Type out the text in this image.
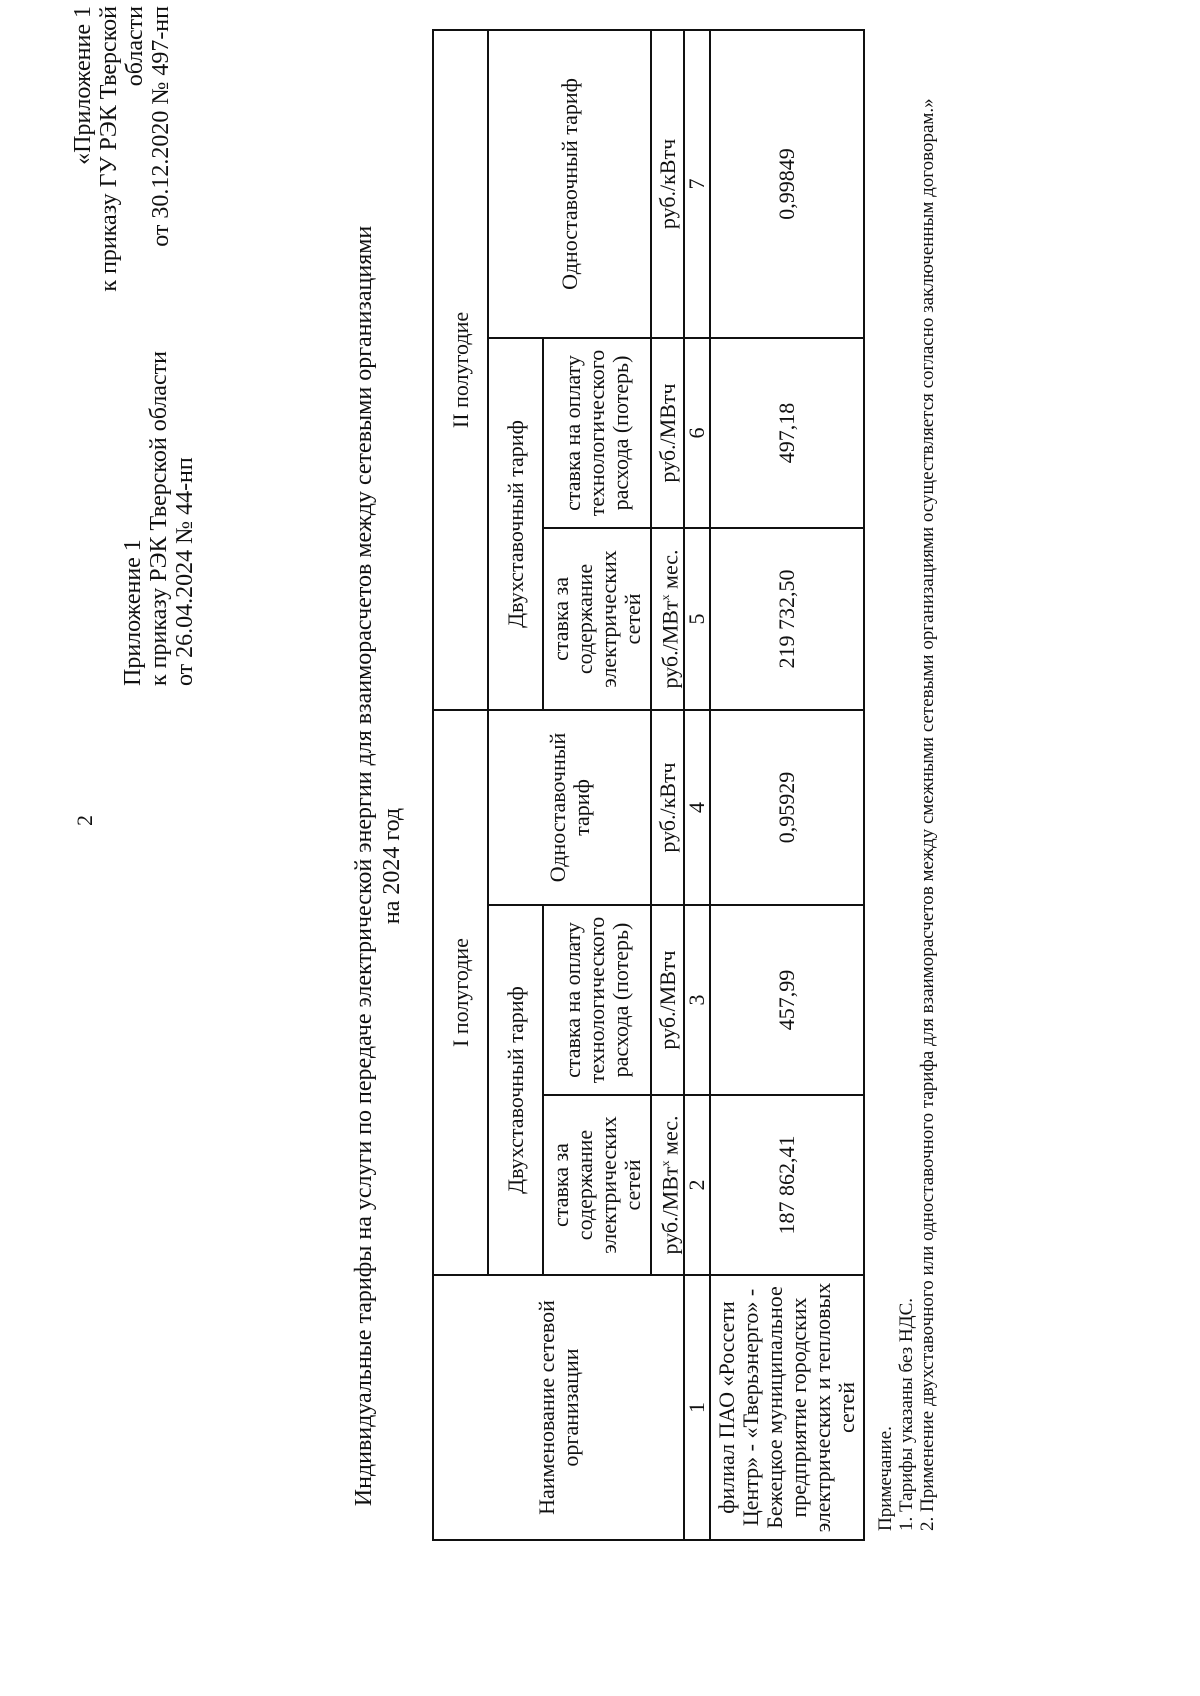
2
Приложение 1 к приказу РЭК Тверской области от 26.04.2024 № 44-нп
«Приложение 1 к приказу ГУ РЭК Тверской области от 30.12.2020 № 497-нп
Индивидуальные тарифы на услуги по передаче электрической энергии для взаиморасчетов между сетевыми организациями на 2024 год
Наименование сетевой организации	I полугодие			II полугодие		
	Двухставочный тариф		Одноставочный тариф	Двухставочный тариф		Одноставочный тариф
	ставка за содержание электрических сетей	ставка на оплату технологического расхода (потерь)		ставка за содержание электрических сетей	ставка на оплату технологического расхода (потерь)	
	руб./МВт$^х$ мес.	руб./МВтч	руб./кВтч	руб./МВт$^х$ мес.	руб./МВтч	руб./кВтч
1	2	3	4	5	6	7
филиал ПАО «Россети Центр» - «Тверьэнерго» - Бежецкое муниципальное предприятие городских электрических и тепловых сетей	187 862,41	457,99	0,95929	219 732,50	497,18	0,99849
Примечание. 1. Тарифы указаны без НДС. 2. Применение двухставочного или одноставочного тарифа для взаиморасчетов между смежными сетевыми организациями осуществляется согласно заключенным договорам.»
